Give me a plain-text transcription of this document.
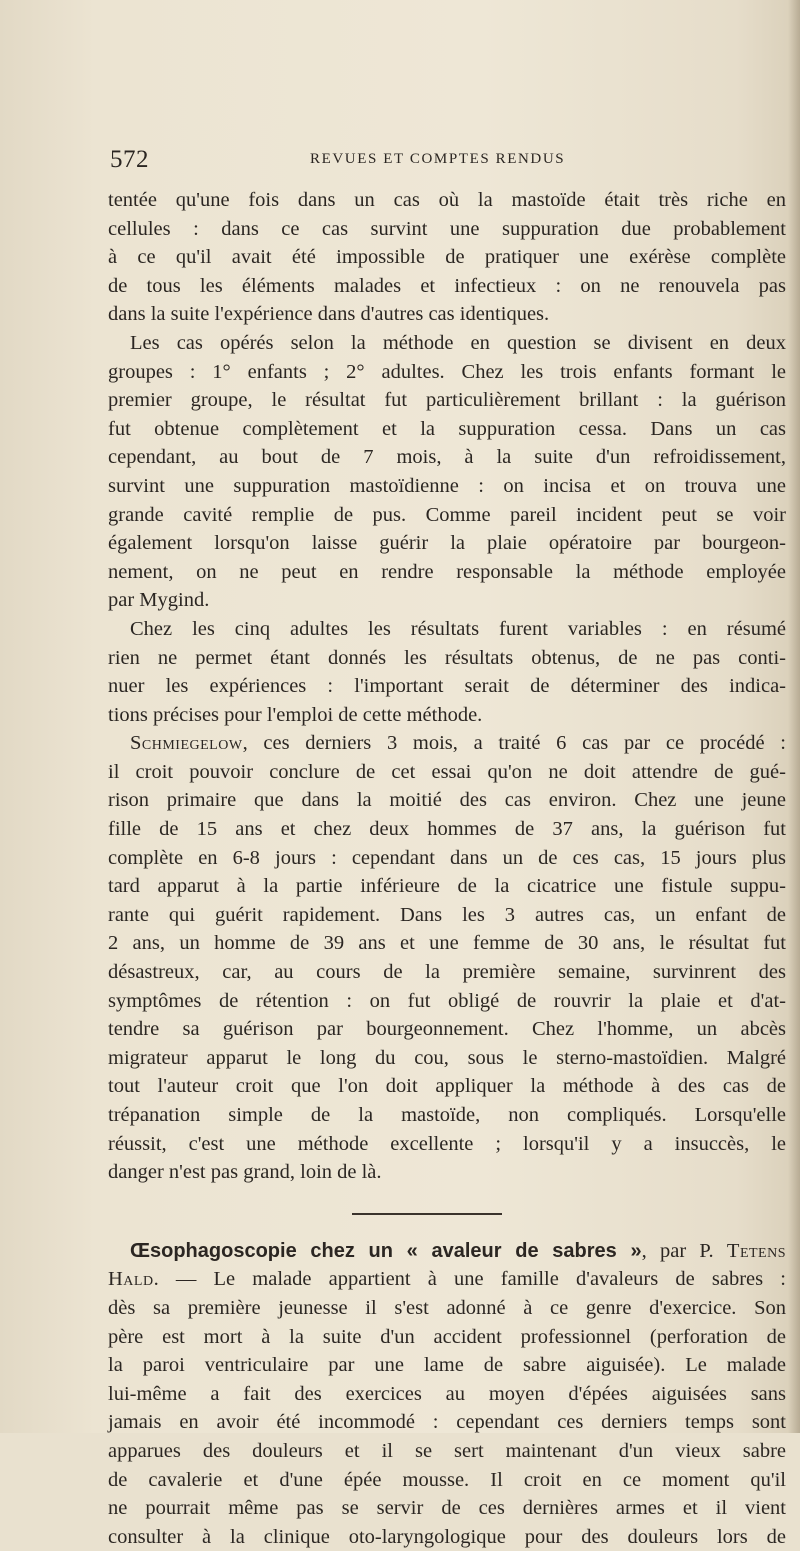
572	REVUES ET COMPTES RENDUS

tentée qu'une fois dans un cas où la mastoïde était très riche en
cellules : dans ce cas survint une suppuration due probablement
à ce qu'il avait été impossible de pratiquer une exérèse complète
de tous les éléments malades et infectieux : on ne renouvela pas
dans la suite l'expérience dans d'autres cas identiques.

Les cas opérés selon la méthode en question se divisent en deux
groupes : 1° enfants ; 2° adultes. Chez les trois enfants formant le
premier groupe, le résultat fut particulièrement brillant : la guérison
fut obtenue complètement et la suppuration cessa. Dans un cas
cependant, au bout de 7 mois, à la suite d'un refroidissement,
survint une suppuration mastoïdienne : on incisa et on trouva une
grande cavité remplie de pus. Comme pareil incident peut se voir
également lorsqu'on laisse guérir la plaie opératoire par bourgeon-
nement, on ne peut en rendre responsable la méthode employée
par Mygind.

Chez les cinq adultes les résultats furent variables : en résumé
rien ne permet étant donnés les résultats obtenus, de ne pas conti-
nuer les expériences : l'important serait de déterminer des indica-
tions précises pour l'emploi de cette méthode.

Schmiegelow, ces derniers 3 mois, a traité 6 cas par ce procédé :
il croit pouvoir conclure de cet essai qu'on ne doit attendre de gué-
rison primaire que dans la moitié des cas environ. Chez une jeune
fille de 15 ans et chez deux hommes de 37 ans, la guérison fut
complète en 6-8 jours : cependant dans un de ces cas, 15 jours plus
tard apparut à la partie inférieure de la cicatrice une fistule suppu-
rante qui guérit rapidement. Dans les 3 autres cas, un enfant de
2 ans, un homme de 39 ans et une femme de 30 ans, le résultat fut
désastreux, car, au cours de la première semaine, survinrent des
symptômes de rétention : on fut obligé de rouvrir la plaie et d'at-
tendre sa guérison par bourgeonnement. Chez l'homme, un abcès
migrateur apparut le long du cou, sous le sterno-mastoïdien. Malgré
tout l'auteur croit que l'on doit appliquer la méthode à des cas de
trépanation simple de la mastoïde, non compliqués. Lorsqu'elle
réussit, c'est une méthode excellente ; lorsqu'il y a insuccès, le
danger n'est pas grand, loin de là.

Œsophagoscopie chez un « avaleur de sabres », par P. Tetens
Hald. — Le malade appartient à une famille d'avaleurs de sabres :
dès sa première jeunesse il s'est adonné à ce genre d'exercice. Son
père est mort à la suite d'un accident professionnel (perforation de
la paroi ventriculaire par une lame de sabre aiguisée). Le malade
lui-même a fait des exercices au moyen d'épées aiguisées sans
jamais en avoir été incommodé : cependant ces derniers temps sont
apparues des douleurs et il se sert maintenant d'un vieux sabre
de cavalerie et d'une épée mousse. Il croit en ce moment qu'il
ne pourrait même pas se servir de ces dernières armes et il vient
consulter à la clinique oto-laryngologique pour des douleurs lors de
